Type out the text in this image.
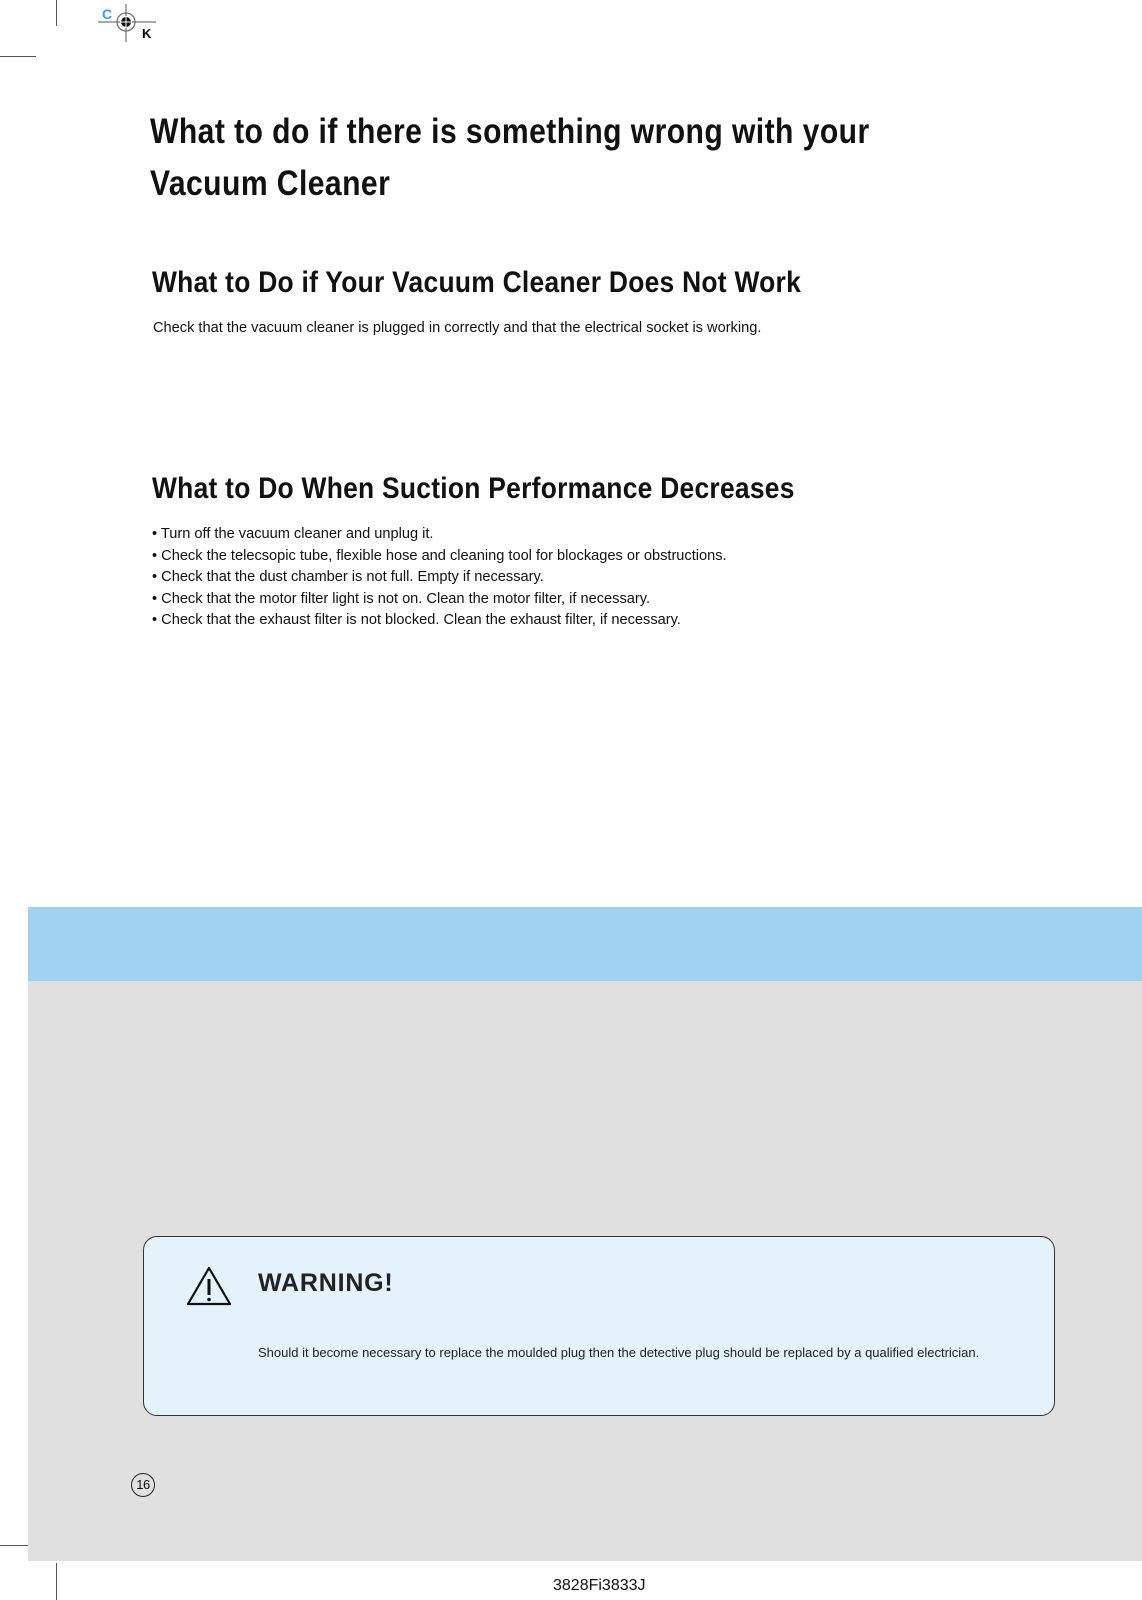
C
K
What to do if there is something wrong with your
Vacuum Cleaner
What to Do if Your Vacuum Cleaner Does Not Work

Check that the vacuum cleaner is plugged in correctly and that the electrical socket is working.

What to Do When Suction Performance Decreases
• Turn off the vacuum cleaner and unplug it.
• Check the telecsopic tube, flexible hose and cleaning tool for blockages or obstructions.
• Check that the dust chamber is not full. Empty if necessary.
• Check that the motor filter light is not on. Clean the motor filter, if necessary.
• Check that the exhaust filter is not blocked. Clean the exhaust filter, if necessary.
WARNING!

Should it become necessary to replace the moulded plug then the detective plug should be replaced by a qualified electrician.

16
3828Fi3833J
